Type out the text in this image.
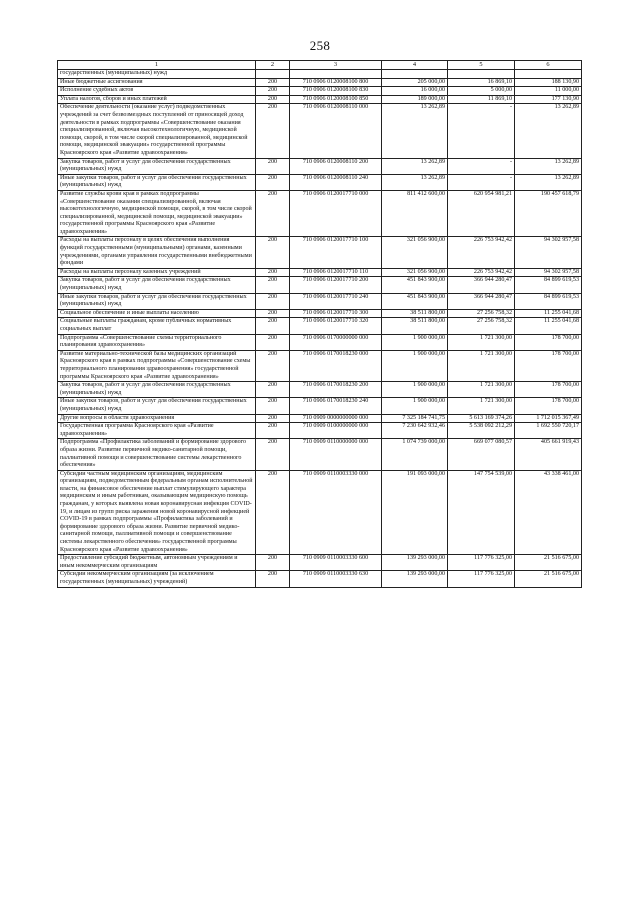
258
1	2	3	4	5	6
государственных (муниципальных) нужд					
Иные бюджетные ассигнования	200	710 0906 0120008100 800	205 000,00	16 869,10	188 130,90
Исполнение судебных актов	200	710 0906 0120008100 830	16 000,00	5 000,00	11 000,00
Уплата налогов, сборов и иных платежей	200	710 0906 0120008100 850	189 000,00	11 869,10	177 130,90
Обеспечение деятельности (оказание услуг) подведомственных учреждений за счет безвозмездных поступлений от приносящей доход деятельности в рамках подпрограммы «Совершенствование оказания специализированной, включая высокотехнологичную, медицинской помощи, скорой, в том числе скорой специализированной, медицинской помощи, медицинской эвакуации» государственной программы Красноярского края «Развитие здравоохранения»	200	710 0906 0120008110 000	13 262,89	-	13 262,89
Закупка товаров, работ и услуг для обеспечения государственных (муниципальных) нужд	200	710 0906 0120008110 200	13 262,89	-	13 262,89
Иные закупки товаров, работ и услуг для обеспечения государственных (муниципальных) нужд	200	710 0906 0120008110 240	13 262,89	-	13 262,89
Развитие службы крови края в рамках подпрограммы «Совершенствование оказания специализированной, включая высокотехнологичную, медицинской помощи, скорой, в том числе скорой специализированной, медицинской помощи, медицинской эвакуации» государственной программы Красноярского края «Развитие здравоохранения»	200	710 0906 0120017710 000	811 412 600,00	620 954 981,21	190 457 618,79
Расходы на выплаты персоналу в целях обеспечения выполнения функций государственными (муниципальными) органами, казенными учреждениями, органами управления государственными внебюджетными фондами	200	710 0906 0120017710 100	321 056 900,00	226 753 942,42	94 302 957,58
Расходы на выплаты персоналу казенных учреждений	200	710 0906 0120017710 110	321 056 900,00	226 753 942,42	94 302 957,58
Закупка товаров, работ и услуг для обеспечения государственных (муниципальных) нужд	200	710 0906 0120017710 200	451 843 900,00	366 944 280,47	84 899 619,53
Иные закупки товаров, работ и услуг для обеспечения государственных (муниципальных) нужд	200	710 0906 0120017710 240	451 843 900,00	366 944 280,47	84 899 619,53
Социальное обеспечение и иные выплаты населению	200	710 0906 0120017710 300	38 511 800,00	27 256 758,32	11 255 041,68
Социальные выплаты гражданам, кроме публичных нормативных социальных выплат	200	710 0906 0120017710 320	38 511 800,00	27 256 758,32	11 255 041,68
Подпрограмма «Совершенствование схемы территориального планирования здравоохранения»	200	710 0906 0170000000 000	1 900 000,00	1 721 300,00	178 700,00
Развитие материально-технической базы медицинских организаций Красноярского края в рамках подпрограммы «Совершенствование схемы территориального планирования здравоохранения» государственной программы Красноярского края «Развитие здравоохранения»	200	710 0906 0170018230 000	1 900 000,00	1 721 300,00	178 700,00
Закупка товаров, работ и услуг для обеспечения государственных (муниципальных) нужд	200	710 0906 0170018230 200	1 900 000,00	1 721 300,00	178 700,00
Иные закупки товаров, работ и услуг для обеспечения государственных (муниципальных) нужд	200	710 0906 0170018230 240	1 900 000,00	1 721 300,00	178 700,00
Другие вопросы в области здравоохранения	200	710 0909 0000000000 000	7 325 184 741,75	5 613 169 374,26	1 712 015 367,49
Государственная программа Красноярского края «Развитие здравоохранения»	200	710 0909 0100000000 000	7 230 642 932,46	5 538 092 212,29	1 692 550 720,17
Подпрограмма «Профилактика заболеваний и формирование здорового образа жизни. Развитие первичной медико-санитарной помощи, паллиативной помощи и совершенствование системы лекарственного обеспечения»	200	710 0909 0110000000 000	1 074 739 000,00	669 077 080,57	405 661 919,43
Субсидии частным медицинским организациям, медицинским организациям, подведомственным федеральным органам исполнительной власти, на финансовое обеспечение выплат стимулирующего характера медицинским и иным работникам, оказывающим медицинскую помощь гражданам, у которых выявлена новая коронавирусная инфекция COVID-19, и лицам из групп риска заражения новой коронавирусной инфекцией COVID-19 в рамках подпрограммы «Профилактика заболеваний и формирование здорового образа жизни. Развитие первичной медико-санитарной помощи, паллиативной помощи и совершенствование системы лекарственного обеспечения» государственной программы Красноярского края «Развитие здравоохранения»	200	710 0909 0110003330 000	191 093 000,00	147 754 539,00	43 338 461,00
Предоставление субсидий бюджетным, автономным учреждениям и иным некоммерческим организациям	200	710 0909 0110003330 600	139 293 000,00	117 776 325,00	21 516 675,00
Субсидии некоммерческим организациям (за исключением государственных (муниципальных) учреждений)	200	710 0909 0110003330 630	139 293 000,00	117 776 325,00	21 516 675,00
